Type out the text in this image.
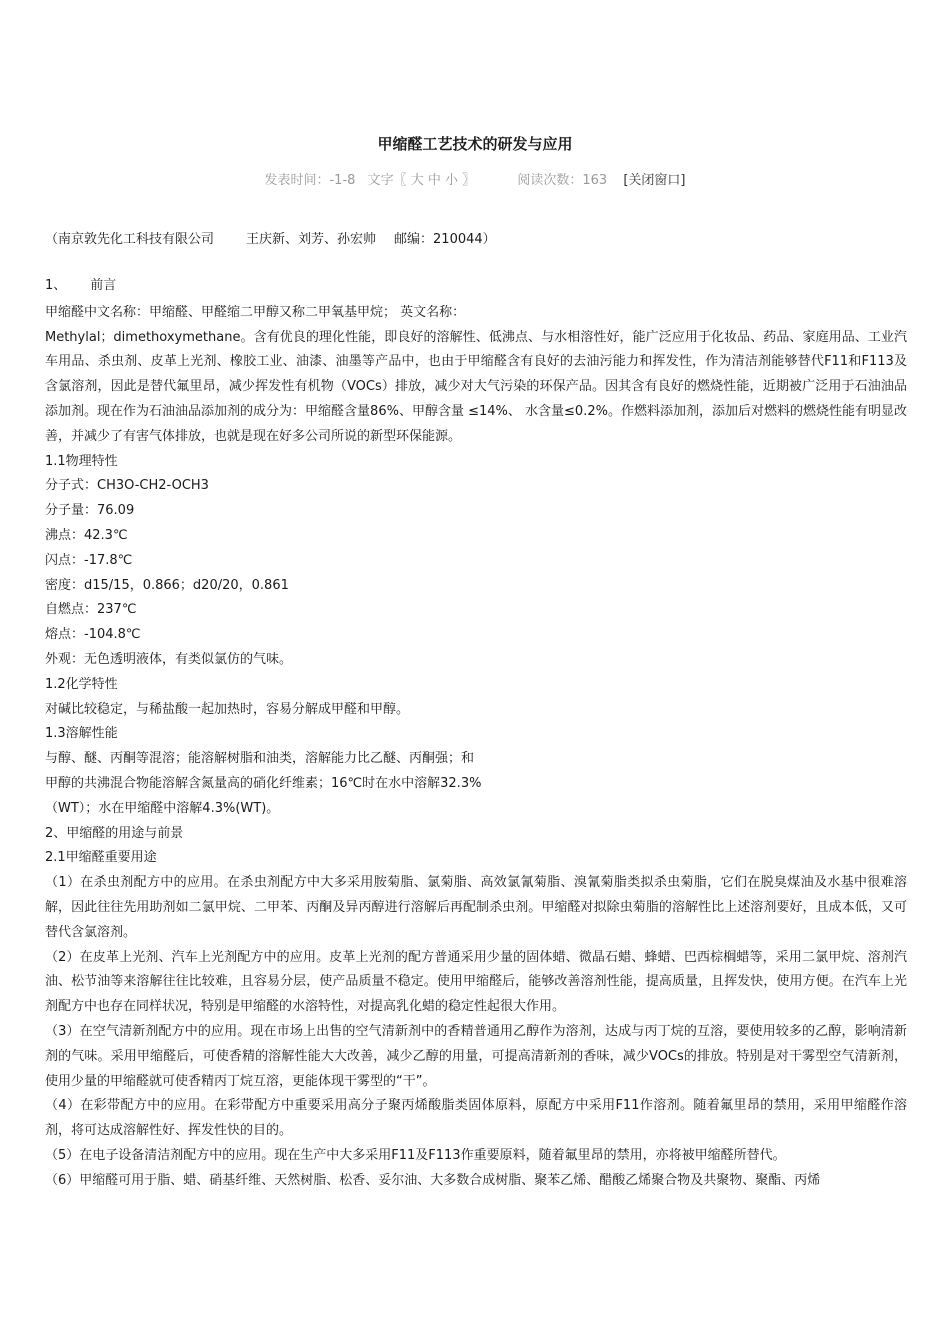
甲缩醛工艺技术的研发与应用
发表时间：-1-8 文字〖 大 中 小 〗	阅读次数：163 [关闭窗口]
（南京敦先化工科技有限公司 王庆新、刘芳、孙宏帅 邮编：210044）

1、 前言

甲缩醛中文名称：甲缩醛、甲醛缩二甲醇又称二甲氧基甲烷； 英文名称：

Methylal；dimethoxymethane。含有优良的理化性能，即良好的溶解性、低沸点、与水相溶性好，能广泛应用于化妆品、药品、家庭用品、工业汽车用品、杀虫剂、皮革上光剂、橡胶工业、油漆、油墨等产品中，也由于甲缩醛含有良好的去油污能力和挥发性，作为清洁剂能够替代F11和F113及含氯溶剂，因此是替代氟里昂，减少挥发性有机物（VOCs）排放，减少对大气污染的环保产品。因其含有良好的燃烧性能，近期被广泛用于石油油品添加剂。现在作为石油油品添加剂的成分为：甲缩醛含量86%、甲醇含量 ≤14%、 水含量≤0.2%。作燃料添加剂，添加后对燃料的燃烧性能有明显改善，并减少了有害气体排放，也就是现在好多公司所说的新型环保能源。

1.1物理特性

分子式：CH3O-CH2-OCH3

分子量：76.09

沸点：42.3℃

闪点：-17.8℃

密度：d15/15，0.866；d20/20，0.861

自燃点：237℃

熔点：-104.8℃

外观：无色透明液体，有类似氯仿的气味。

1.2化学特性

对碱比较稳定，与稀盐酸一起加热时，容易分解成甲醛和甲醇。

1.3溶解性能

与醇、醚、丙酮等混溶；能溶解树脂和油类，溶解能力比乙醚、丙酮强；和

甲醇的共沸混合物能溶解含氮量高的硝化纤维素；16℃时在水中溶解32.3%

（WT）；水在甲缩醛中溶解4.3%(WT)。

2、甲缩醛的用途与前景

2.1甲缩醛重要用途

（1）在杀虫剂配方中的应用。在杀虫剂配方中大多采用胺菊脂、氯菊脂、高效氯氰菊脂、溴氰菊脂类拟杀虫菊脂，它们在脱臭煤油及水基中很难溶解，因此往往先用助剂如二氯甲烷、二甲苯、丙酮及异丙醇进行溶解后再配制杀虫剂。甲缩醛对拟除虫菊脂的溶解性比上述溶剂要好，且成本低，又可替代含氯溶剂。

（2）在皮革上光剂、汽车上光剂配方中的应用。皮革上光剂的配方普通采用少量的固体蜡、微晶石蜡、蜂蜡、巴西棕榈蜡等，采用二氯甲烷、溶剂汽油、松节油等来溶解往往比较难，且容易分层，使产品质量不稳定。使用甲缩醛后，能够改善溶剂性能，提高质量，且挥发快，使用方便。在汽车上光剂配方中也存在同样状况，特别是甲缩醛的水溶特性，对提高乳化蜡的稳定性起很大作用。

（3）在空气清新剂配方中的应用。现在市场上出售的空气清新剂中的香精普通用乙醇作为溶剂，达成与丙丁烷的互溶，要使用较多的乙醇，影响清新剂的气味。采用甲缩醛后，可使香精的溶解性能大大改善，减少乙醇的用量，可提高清新剂的香味，减少VOCs的排放。特别是对干雾型空气清新剂，使用少量的甲缩醛就可使香精丙丁烷互溶，更能体现干雾型的“干”。

（4）在彩带配方中的应用。在彩带配方中重要采用高分子聚丙烯酸脂类固体原料，原配方中采用F11作溶剂。随着氟里昂的禁用，采用甲缩醛作溶剂，将可达成溶解性好、挥发性快的目的。

（5）在电子设备清洁剂配方中的应用。现在生产中大多采用F11及F113作重要原料，随着氟里昂的禁用，亦将被甲缩醛所替代。

（6）甲缩醛可用于脂、蜡、硝基纤维、天然树脂、松香、妥尔油、大多数合成树脂、聚苯乙烯、醋酸乙烯聚合物及共聚物、聚酯、丙烯
